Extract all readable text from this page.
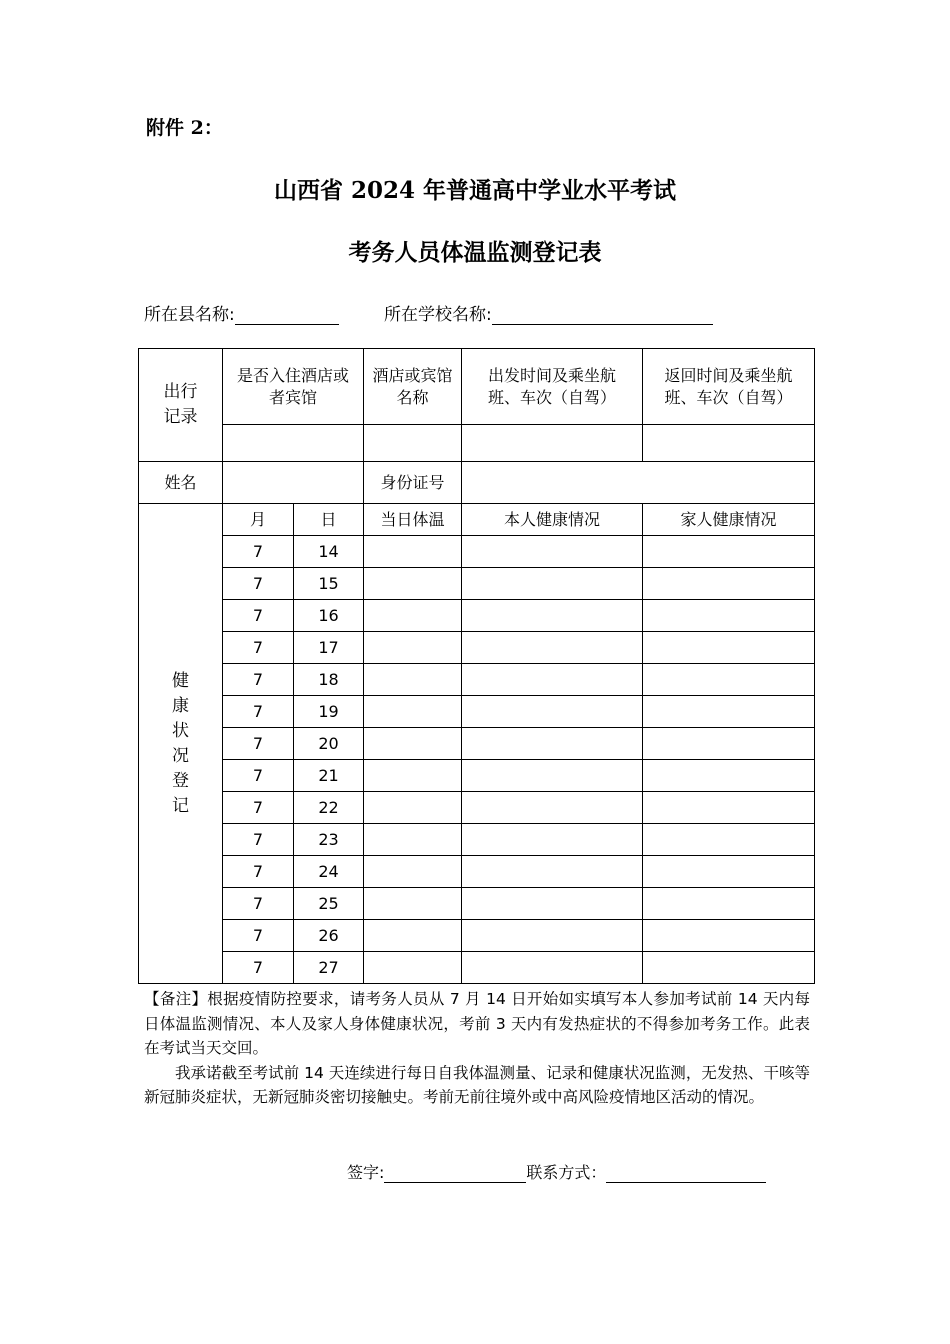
附件 2：
山西省 2024 年普通高中学业水平考试
考务人员体温监测登记表
所在县名称:	所在学校名称:
出行记录	是否入住酒店或者宾馆		酒店或宾馆名称	出发时间及乘坐航班、车次（自驾）	返回时间及乘坐航班、车次（自驾）

姓名			身份证号		

健康状况登记	月	日	当日体温	本人健康情况	家人健康情况
	7	14			
	7	15			
	7	16			
	7	17			
	7	18			
	7	19			
	7	20			
	7	21			
	7	22			
	7	23			
	7	24			
	7	25			
	7	26			
	7	27			

【备注】根据疫情防控要求，请考务人员从 7 月 14 日开始如实填写本人参加考试前 14 天内每日体温监测情况、本人及家人身体健康状况，考前 3 天内有发热症状的不得参加考务工作。此表在考试当天交回。

我承诺截至考试前 14 天连续进行每日自我体温测量、记录和健康状况监测，无发热、干咳等新冠肺炎症状，无新冠肺炎密切接触史。考前无前往境外或中高风险疫情地区活动的情况。

签字:	联系方式：
